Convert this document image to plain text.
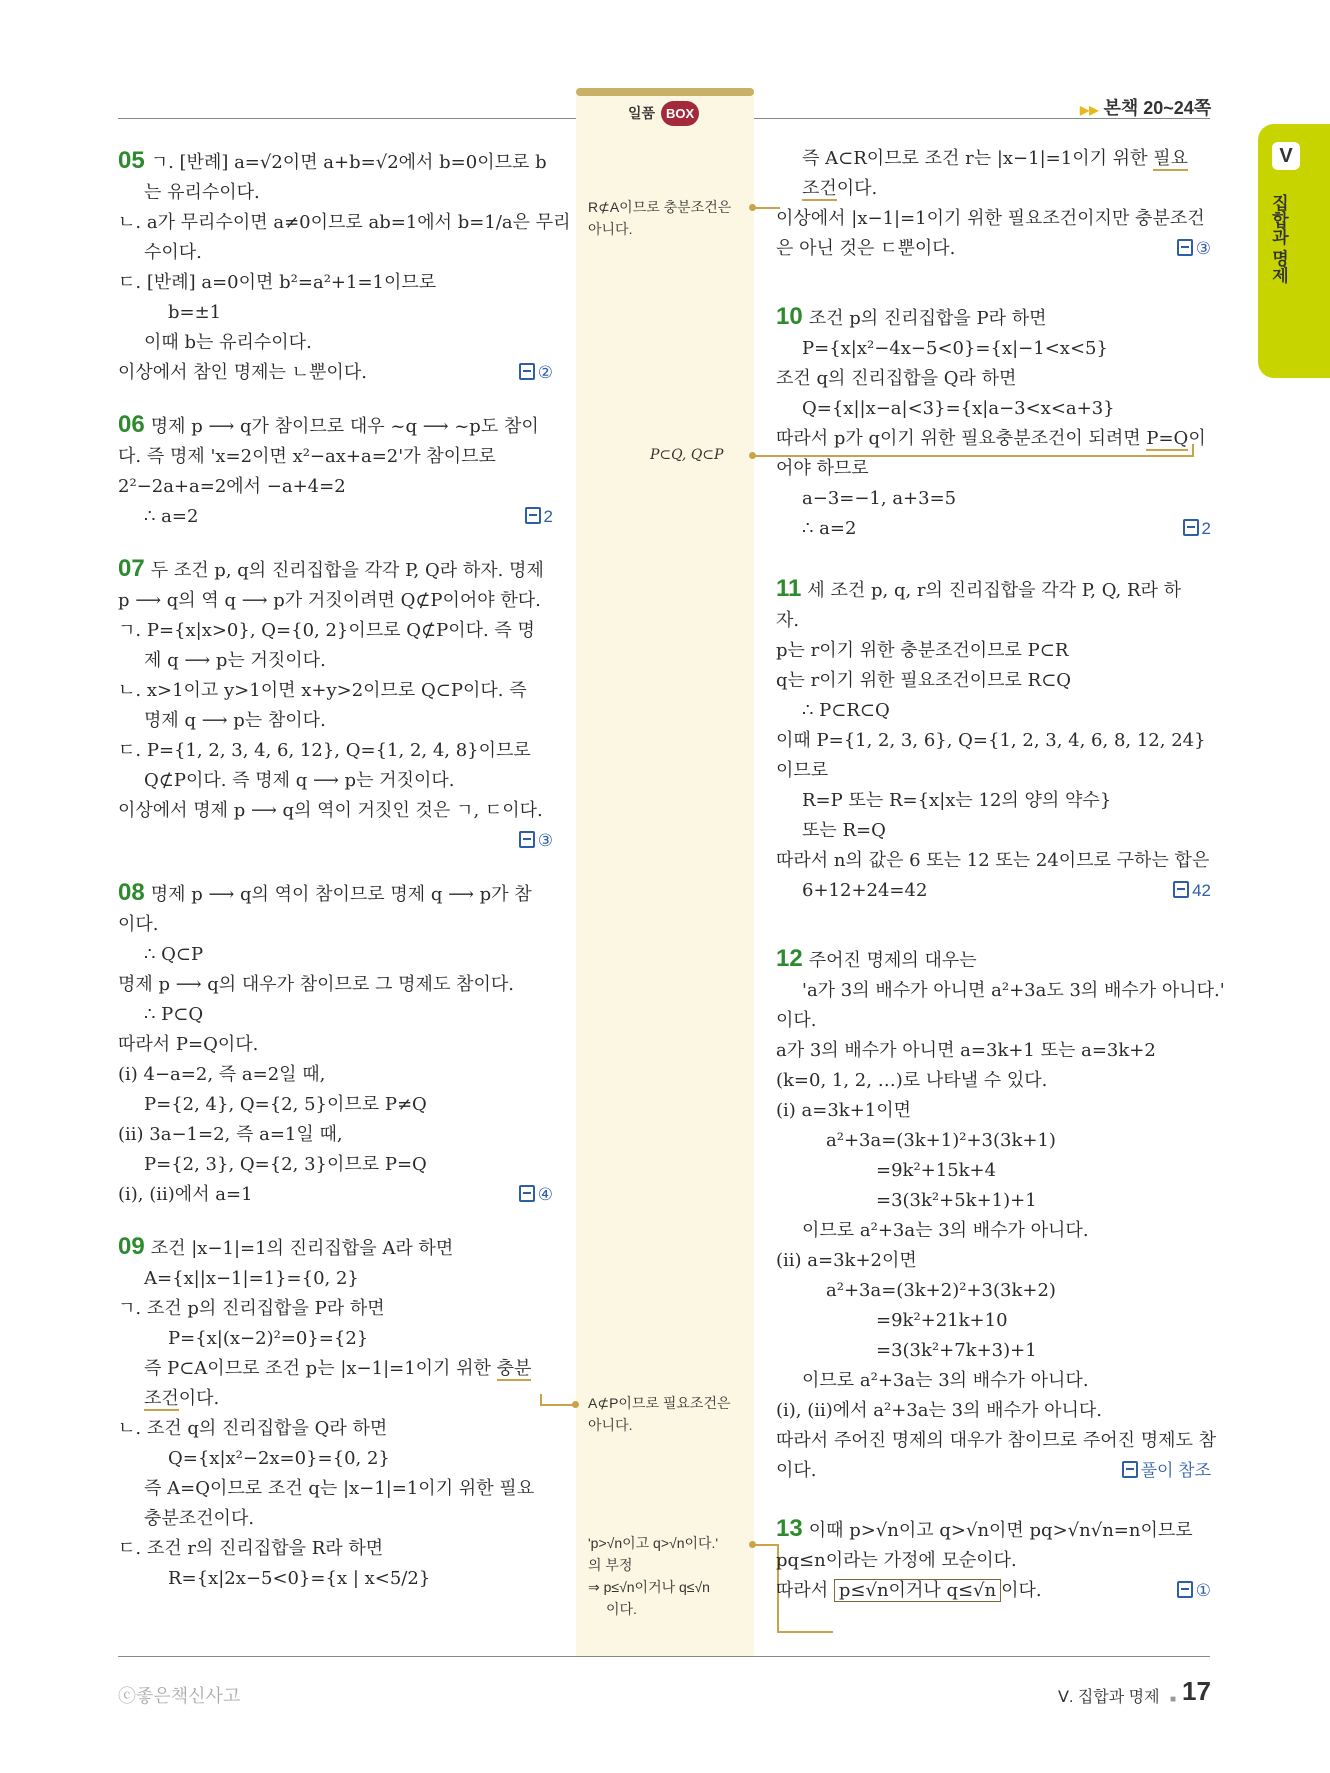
일품 BOX	▶▶ 본책 20~24쪽
V
집합과 명제

05 ㄱ. [반례] a=√2이면 a+b=√2에서 b=0이므로 b

는 유리수이다.

ㄴ. a가 무리수이면 a≠0이므로 ab=1에서 b=1/a은 무리

수이다.

ㄷ. [반례] a=0이면 b²=a²+1=1이므로

b=±1

이때 b는 유리수이다.

이상에서 참인 명제는 ㄴ뿐이다.	②

06 명제 p ⟶ q가 참이므로 대우 ~q ⟶ ~p도 참이

다. 즉 명제 'x=2이면 x²−ax+a=2'가 참이므로

2²−2a+a=2에서 −a+4=2

∴ a=2	2

07 두 조건 p, q의 진리집합을 각각 P, Q라 하자. 명제

p ⟶ q의 역 q ⟶ p가 거짓이려면 Q⊄P이어야 한다.

ㄱ. P={x|x>0}, Q={0, 2}이므로 Q⊄P이다. 즉 명

제 q ⟶ p는 거짓이다.

ㄴ. x>1이고 y>1이면 x+y>2이므로 Q⊂P이다. 즉

명제 q ⟶ p는 참이다.

ㄷ. P={1, 2, 3, 4, 6, 12}, Q={1, 2, 4, 8}이므로

Q⊄P이다. 즉 명제 q ⟶ p는 거짓이다.

이상에서 명제 p ⟶ q의 역이 거짓인 것은 ㄱ, ㄷ이다.

③

08 명제 p ⟶ q의 역이 참이므로 명제 q ⟶ p가 참

이다.

∴ Q⊂P

명제 p ⟶ q의 대우가 참이므로 그 명제도 참이다.

∴ P⊂Q

따라서 P=Q이다.

(i) 4−a=2, 즉 a=2일 때,

P={2, 4}, Q={2, 5}이므로 P≠Q

(ii) 3a−1=2, 즉 a=1일 때,

P={2, 3}, Q={2, 3}이므로 P=Q

(i), (ii)에서 a=1	④

09 조건 |x−1|=1의 진리집합을 A라 하면

A={x||x−1|=1}={0, 2}

ㄱ. 조건 p의 진리집합을 P라 하면

P={x|(x−2)²=0}={2}

즉 P⊂A이므로 조건 p는 |x−1|=1이기 위한 충분

조건이다.

ㄴ. 조건 q의 진리집합을 Q라 하면

Q={x|x²−2x=0}={0, 2}

즉 A=Q이므로 조건 q는 |x−1|=1이기 위한 필요

충분조건이다.

ㄷ. 조건 r의 진리집합을 R라 하면

R={x|2x−5<0}={x | x<5/2}

R⊄A이므로 충분조건은
아니다.
P⊂Q, Q⊂P
A⊄P이므로 필요조건은
아니다.
'p>√n이고 q>√n이다.'
의 부정
⇒ p≤√n이거나 q≤√n
이다.

즉 A⊂R이므로 조건 r는 |x−1|=1이기 위한 필요

조건이다.

이상에서 |x−1|=1이기 위한 필요조건이지만 충분조건

은 아닌 것은 ㄷ뿐이다.	③

10 조건 p의 진리집합을 P라 하면

P={x|x²−4x−5<0}={x|−1<x<5}

조건 q의 진리집합을 Q라 하면

Q={x||x−a|<3}={x|a−3<x<a+3}

따라서 p가 q이기 위한 필요충분조건이 되려면 P=Q이

어야 하므로

a−3=−1, a+3=5

∴ a=2	2

11 세 조건 p, q, r의 진리집합을 각각 P, Q, R라 하

자.

p는 r이기 위한 충분조건이므로 P⊂R

q는 r이기 위한 필요조건이므로 R⊂Q

∴ P⊂R⊂Q

이때 P={1, 2, 3, 6}, Q={1, 2, 3, 4, 6, 8, 12, 24}

이므로

R=P 또는 R={x|x는 12의 양의 약수}

또는 R=Q

따라서 n의 값은 6 또는 12 또는 24이므로 구하는 합은

6+12+24=42	42

12 주어진 명제의 대우는

'a가 3의 배수가 아니면 a²+3a도 3의 배수가 아니다.'

이다.

a가 3의 배수가 아니면 a=3k+1 또는 a=3k+2

(k=0, 1, 2, …)로 나타낼 수 있다.

(i) a=3k+1이면

a²+3a=(3k+1)²+3(3k+1)

=9k²+15k+4

=3(3k²+5k+1)+1

이므로 a²+3a는 3의 배수가 아니다.

(ii) a=3k+2이면

a²+3a=(3k+2)²+3(3k+2)

=9k²+21k+10

=3(3k²+7k+3)+1

이므로 a²+3a는 3의 배수가 아니다.

(i), (ii)에서 a²+3a는 3의 배수가 아니다.

따라서 주어진 명제의 대우가 참이므로 주어진 명제도 참

이다.	풀이 참조

13 이때 p>√n이고 q>√n이면 pq>√n√n=n이므로

pq≤n이라는 가정에 모순이다.

따라서 p≤√n이거나 q≤√n 이다.	①

ⓒ좋은책신사고	Ⅴ. 집합과 명제 ■ 17
